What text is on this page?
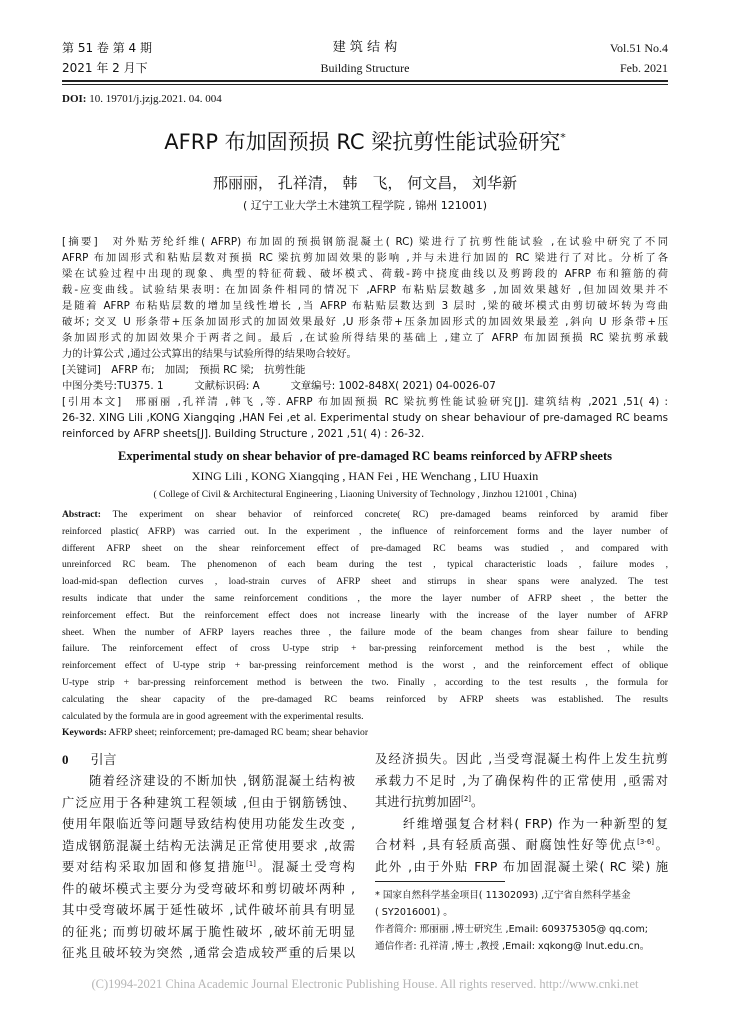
第 51 卷 第 4 期
2021 年 2 月下
建 筑 结 构
Building Structure
Vol.51 No.4
Feb. 2021
DOI: 10. 19701/j.jzjg.2021. 04. 004
AFRP 布加固预损 RC 梁抗剪性能试验研究*
邢丽丽， 孔祥清， 韩　飞， 何文昌， 刘华新
( 辽宁工业大学土木建筑工程学院 , 锦州 121001)
[摘要]　对外贴芳纶纤维( AFRP) 布加固的预损钢筋混凝土( RC) 梁进行了抗剪性能试验 ,在试验中研究了不同
AFRP 布加固形式和粘贴层数对预损 RC 梁抗剪加固效果的影响 ,并与未进行加固的 RC 梁进行了对比。分析了各
梁在试验过程中出现的现象、典型的特征荷载、破坏模式、荷载-跨中挠度曲线以及剪跨段的 AFRP 布和箍筋的荷
载-应变曲线。试验结果表明: 在加固条件相同的情况下 ,AFRP 布粘贴层数越多 ,加固效果越好 ,但加固效果并不
是随着 AFRP 布粘贴层数的增加呈线性增长 ,当 AFRP 布粘贴层数达到 3 层时 ,梁的破坏模式由剪切破坏转为弯曲
破坏; 交叉 U 形条带+压条加固形式的加固效果最好 ,U 形条带+压条加固形式的加固效果最差 ,斜向 U 形条带+压
条加固形式的加固效果介于两者之间。最后 ,在试验所得结果的基础上 ,建立了 AFRP 布加固预损 RC 梁抗剪承载
力的计算公式 ,通过公式算出的结果与试验所得的结果吻合较好。
[关键词]　AFRP 布;　加固;　预损 RC 梁;　抗剪性能
中图分类号:TU375. 1　　　文献标识码: A　　　文章编号: 1002-848X( 2021) 04-0026-07
[引用本文]　邢丽丽 ,孔祥清 ,韩飞 ,等. AFRP 布加固预损 RC 梁抗剪性能试验研究[J]. 建筑结构 ,2021 ,51( 4) :
26-32. XING Lili ,KONG Xiangqing ,HAN Fei ,et al. Experimental study on shear behaviour of pre-damaged RC beams
reinforced by AFRP sheets[J]. Building Structure , 2021 ,51( 4) : 26-32.
Experimental study on shear behavior of pre-damaged RC beams reinforced by AFRP sheets
XING Lili , KONG Xiangqing , HAN Fei , HE Wenchang , LIU Huaxin
( College of Civil & Architectural Engineering , Liaoning University of Technology , Jinzhou 121001 , China)
Abstract: The experiment on shear behavior of reinforced concrete( RC) pre-damaged beams reinforced by aramid fiber
reinforced plastic( AFRP) was carried out. In the experiment , the influence of reinforcement forms and the layer number of
different AFRP sheet on the shear reinforcement effect of pre-damaged RC beams was studied , and compared with
unreinforced RC beam. The phenomenon of each beam during the test , typical characteristic loads , failure modes ,
load-mid-span deflection curves , load-strain curves of AFRP sheet and stirrups in shear spans were analyzed. The test
results indicate that under the same reinforcement conditions , the more the layer number of AFRP sheet , the better the
reinforcement effect. But the reinforcement effect does not increase linearly with the increase of the layer number of AFRP
sheet. When the number of AFRP layers reaches three , the failure mode of the beam changes from shear failure to bending
failure. The reinforcement effect of cross U-type strip + bar-pressing reinforcement method is the best , while the
reinforcement effect of U-type strip + bar-pressing reinforcement method is the worst , and the reinforcement effect of oblique
U-type strip + bar-pressing reinforcement method is between the two. Finally , according to the test results , the formula for
calculating the shear capacity of the pre-damaged RC beams reinforced by AFRP sheets was established. The results
calculated by the formula are in good agreement with the experimental results.
Keywords: AFRP sheet; reinforcement; pre-damaged RC beam; shear behavior
0 引言
　　随着经济建设的不断加快 ,钢筋混凝土结构被
广泛应用于各种建筑工程领域 ,但由于钢筋锈蚀、
使用年限临近等问题导致结构使用功能发生改变 ,
造成钢筋混凝土结构无法满足正常使用要求 ,故需
要对结构采取加固和修复措施[1]。混凝土受弯构
件的破坏模式主要分为受弯破坏和剪切破坏两种 ,
其中受弯破坏属于延性破坏 ,试件破坏前具有明显
的征兆; 而剪切破坏属于脆性破坏 ,破坏前无明显
征兆且破坏较为突然 ,通常会造成较严重的后果以
及经济损失。因此 ,当受弯混凝土构件上发生抗剪
承载力不足时 ,为了确保构件的正常使用 ,亟需对
其进行抗剪加固[2]。
　　纤维增强复合材料( FRP) 作为一种新型的复
合材料 ,具有轻质高强、耐腐蚀性好等优点[3-6]。
此外 ,由于外贴 FRP 布加固混凝土梁( RC 梁) 施
* 国家自然科学基金项目( 11302093) ,辽宁省自然科学基金
( SY2016001) 。
作者简介: 邢丽丽 ,博士研究生 ,Email: 609375305@ qq.com;
通信作者: 孔祥清 ,博士 ,教授 ,Email: xqkong@ lnut.edu.cn。
(C)1994-2021 China Academic Journal Electronic Publishing House. All rights reserved. http://www.cnki.net
